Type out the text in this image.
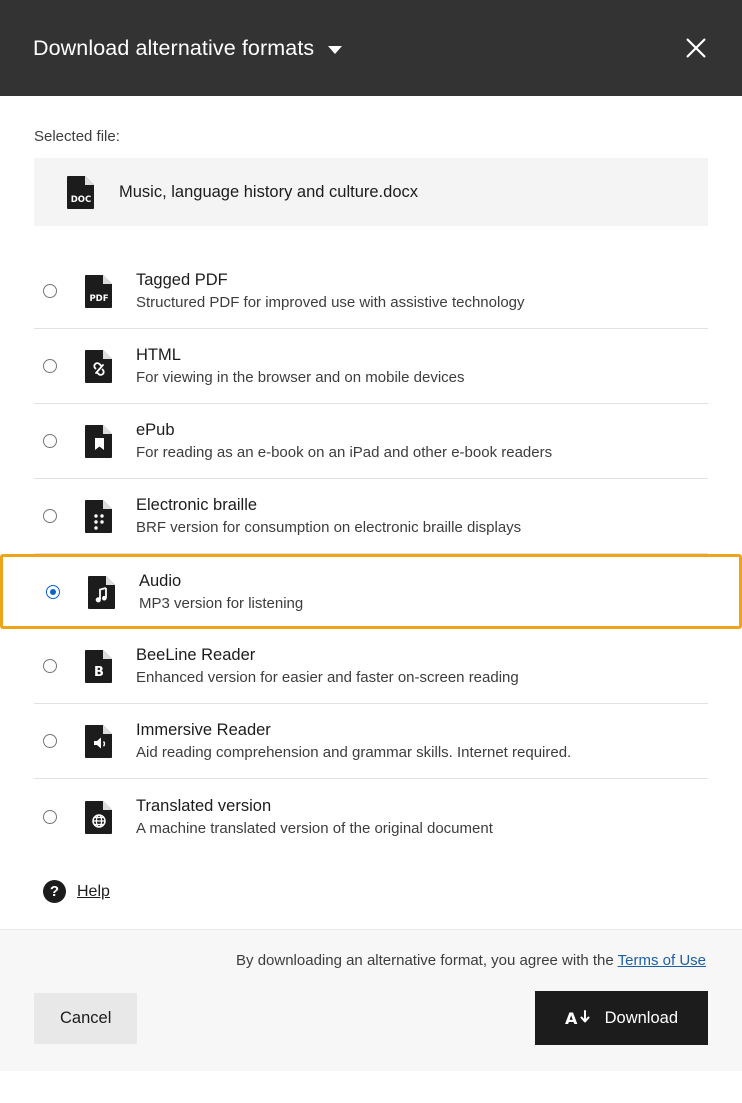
Download alternative formats
Selected file:
DOC Music, language history and culture.docx
PDF
Tagged PDF
Structured PDF for improved use with assistive technology
HTML
For viewing in the browser and on mobile devices
ePub
For reading as an e-book on an iPad and other e-book readers
Electronic braille
BRF version for consumption on electronic braille displays
Audio
MP3 version for listening
B
BeeLine Reader
Enhanced version for easier and faster on-screen reading
Immersive Reader
Aid reading comprehension and grammar skills. Internet required.
Translated version
A machine translated version of the original document
?	Help
By downloading an alternative format, you agree with the Terms of Use
Cancel	A Download
